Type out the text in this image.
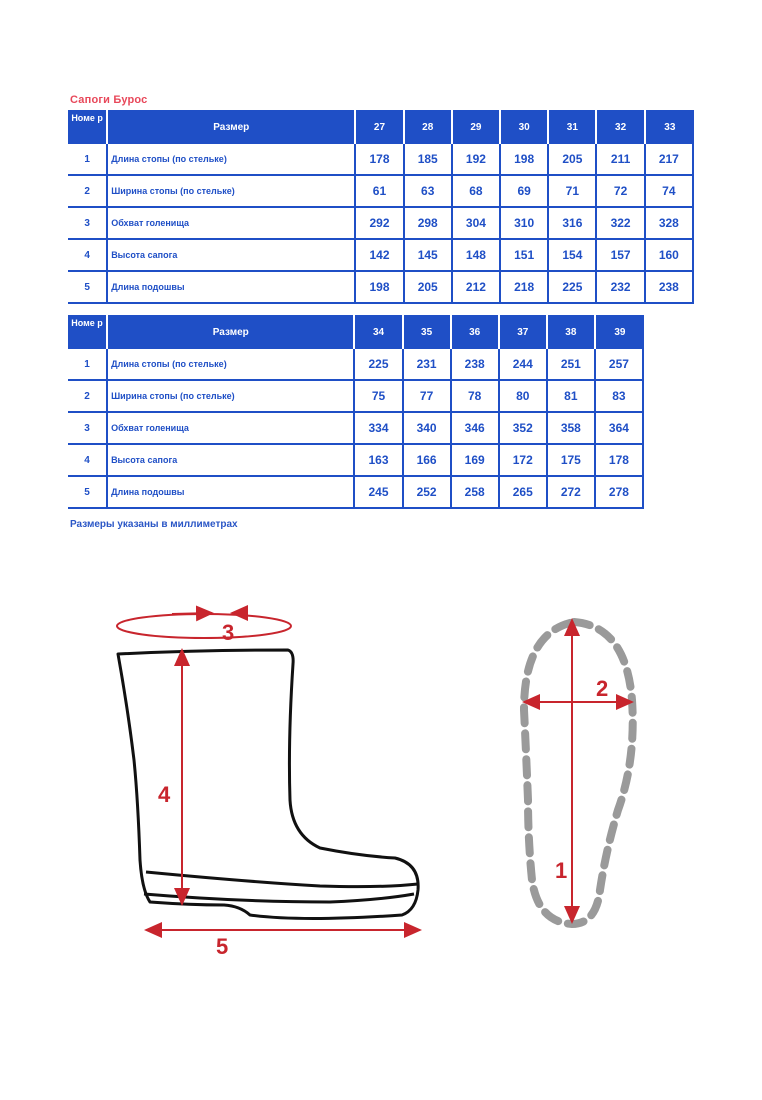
Сапоги Бурос
Номе р	Размер	27	28	29	30	31	32	33
1	Длина стопы (по стельке)	178	185	192	198	205	211	217
2	Ширина стопы (по стельке)	61	63	68	69	71	72	74
3	Обхват голенища	292	298	304	310	316	322	328
4	Высота сапога	142	145	148	151	154	157	160
5	Длина подошвы	198	205	212	218	225	232	238
Номе р	Размер	34	35	36	37	38	39
1	Длина стопы (по стельке)	225	231	238	244	251	257
2	Ширина стопы (по стельке)	75	77	78	80	81	83
3	Обхват голенища	334	340	346	352	358	364
4	Высота сапога	163	166	169	172	175	178
5	Длина подошвы	245	252	258	265	272	278
Размеры указаны в миллиметрах
3
4
5
2
1
